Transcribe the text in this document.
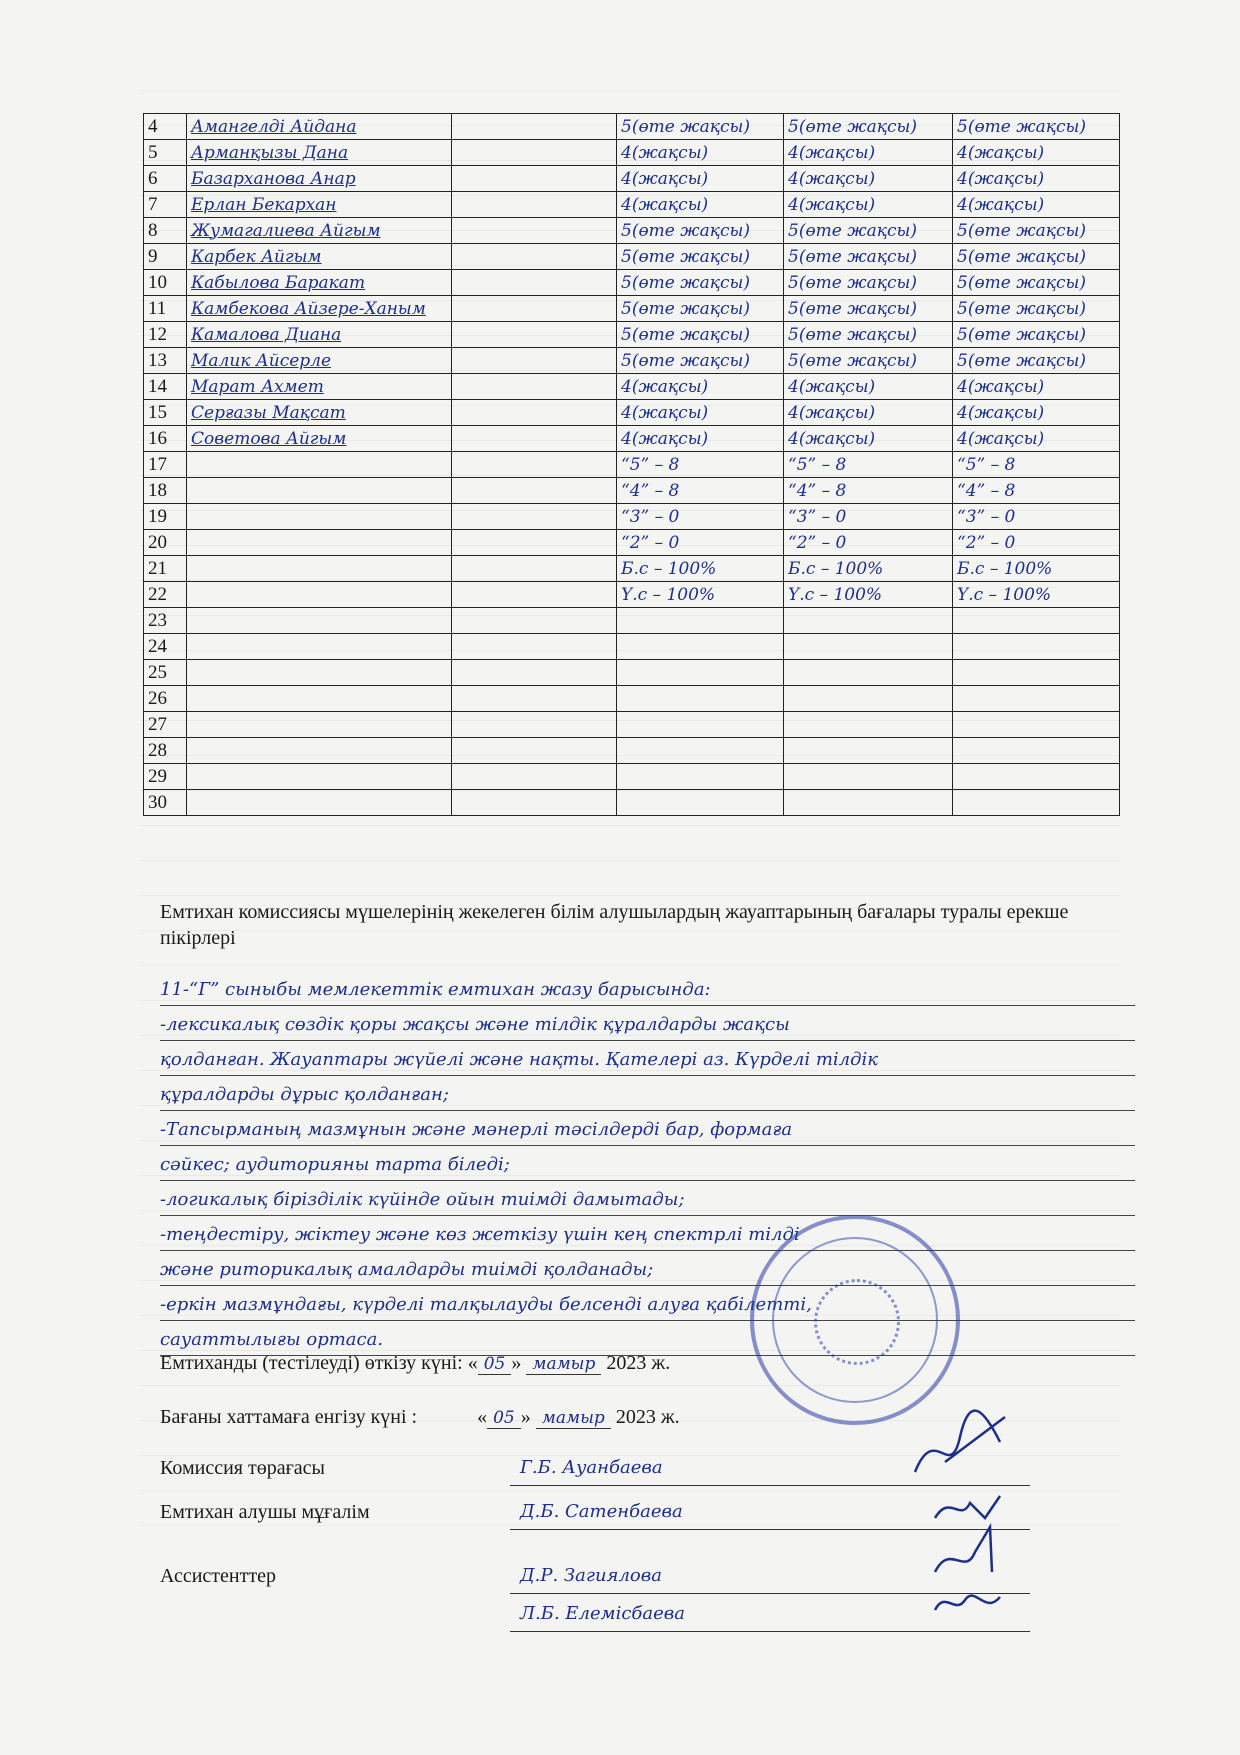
4	Амангелді Айдана		5(өте жақсы)	5(өте жақсы)	5(өте жақсы)
5	Арманқызы Дана		4(жақсы)	4(жақсы)	4(жақсы)
6	Базарханова Анар		4(жақсы)	4(жақсы)	4(жақсы)
7	Ерлан Бекархан		4(жақсы)	4(жақсы)	4(жақсы)
8	Жумагалиева Айгым		5(өте жақсы)	5(өте жақсы)	5(өте жақсы)
9	Карбек Айгым		5(өте жақсы)	5(өте жақсы)	5(өте жақсы)
10	Кабылова Баракат		5(өте жақсы)	5(өте жақсы)	5(өте жақсы)
11	Камбекова Айзере-Ханым		5(өте жақсы)	5(өте жақсы)	5(өте жақсы)
12	Камалова Диана		5(өте жақсы)	5(өте жақсы)	5(өте жақсы)
13	Малик Айсерле		5(өте жақсы)	5(өте жақсы)	5(өте жақсы)
14	Марат Ахмет		4(жақсы)	4(жақсы)	4(жақсы)
15	Серғазы Мақсат		4(жақсы)	4(жақсы)	4(жақсы)
16	Советова Айгым		4(жақсы)	4(жақсы)	4(жақсы)
17			“5” – 8	“5” – 8	“5” – 8
18			“4” – 8	“4” – 8	“4” – 8
19			“3” – 0	“3” – 0	“3” – 0
20			“2” – 0	“2” – 0	“2” – 0
21			Б.с – 100%	Б.с – 100%	Б.с – 100%
22			Ү.с – 100%	Ү.с – 100%	Ү.с – 100%
23					
24					
25					
26					
27					
28					
29					
30					
Емтихан комиссиясы мүшелерінің жекелеген білім алушылардың жауаптарының бағалары туралы ерекше пікірлері
11-“Г” сыныбы мемлекеттік емтихан жазу барысында:
-лексикалық сөздік қоры жақсы және тілдік құралдарды жақсы
қолданған. Жауаптары жүйелі және нақты. Қателері аз. Күрделі тілдік
құралдарды дұрыс қолданған;
-Тапсырманың мазмұнын және мәнерлі тәсілдерді бар, формаға
сәйкес; аудиторияны тарта біледі;
-логикалық бірізділік күйінде ойын тиімді дамытады;
-теңдестіру, жіктеу және көз жеткізу үшін кең спектрлі тілді
және риторикалық амалдарды тиімді қолданады;
-еркін мазмұндағы, күрделі талқылауды белсенді алуға қабілетті,
сауаттылығы ортаса.
Емтиханды (тестілеуді) өткізу күні: « 05 » мамыр 2023 ж.
Бағаны хаттамаға енгізу күні :	« 05 » мамыр 2023 ж.
Комиссия төрағасы	Г.Б. Ауанбаева
Емтихан алушы мұғалім	Д.Б. Сатенбаева
Ассистенттер	Д.Р. Загиялова
Л.Б. Елемісбаева
